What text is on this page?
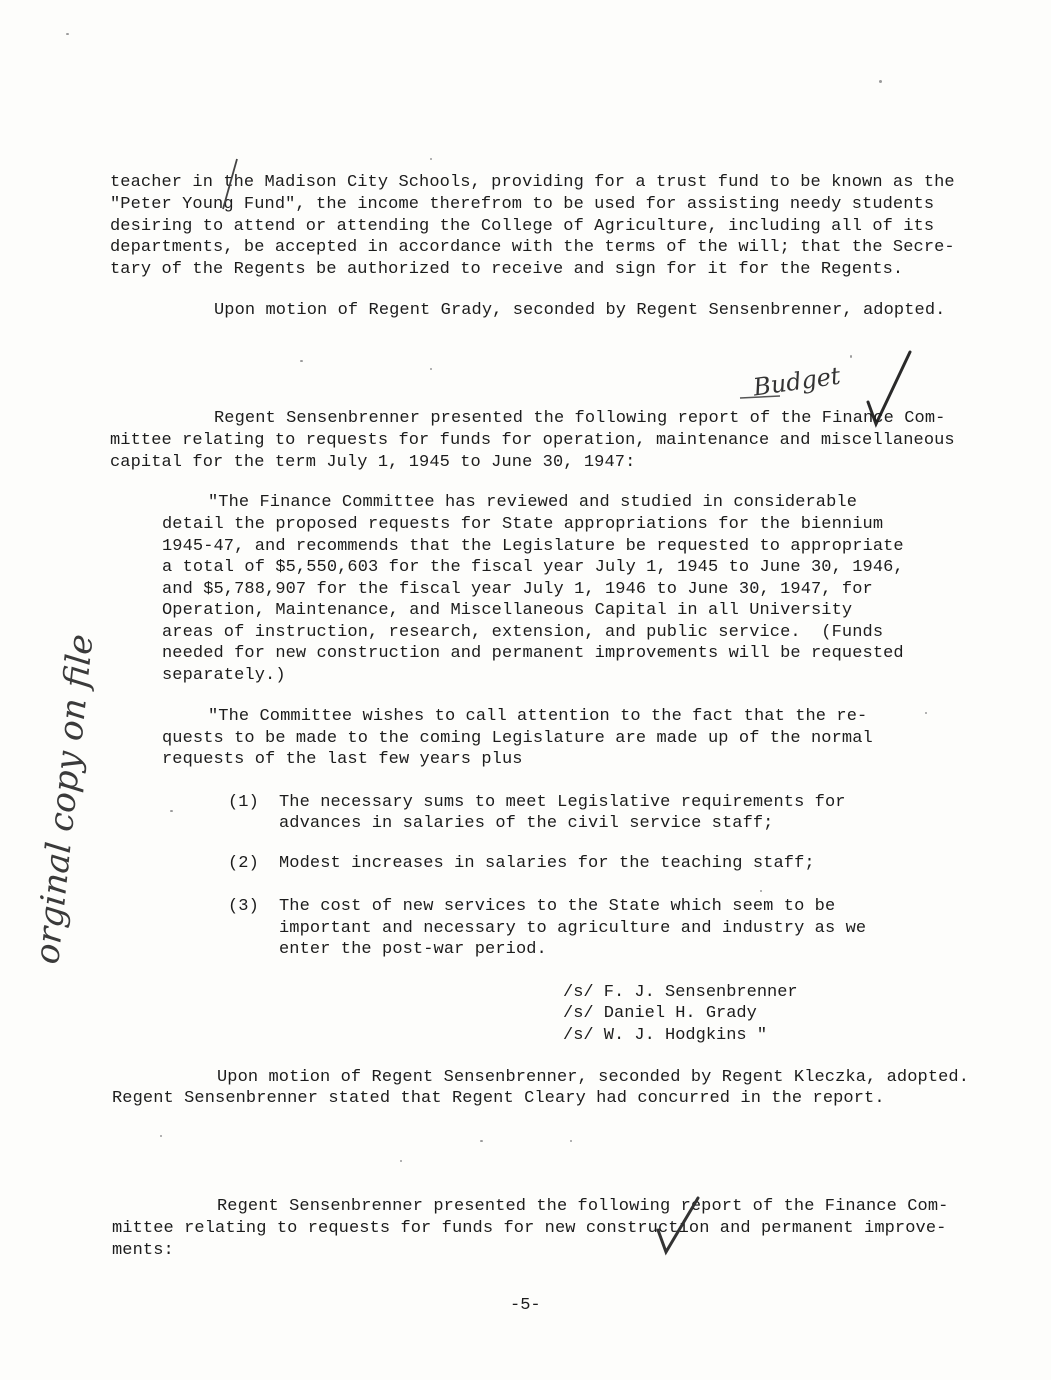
teacher in the Madison City Schools, providing for a trust fund to be known as the
"Peter Young Fund", the income therefrom to be used for assisting needy students
desiring to attend or attending the College of Agriculture, including all of its
departments, be accepted in accordance with the terms of the will; that the Secre-
tary of the Regents be authorized to receive and sign for it for the Regents.
Upon motion of Regent Grady, seconded by Regent Sensenbrenner, adopted.
Budget
Regent Sensenbrenner presented the following report of the Finance Com-
mittee relating to requests for funds for operation, maintenance and miscellaneous
capital for the term July 1, 1945 to June 30, 1947:
"The Finance Committee has reviewed and studied in considerable
detail the proposed requests for State appropriations for the biennium
1945-47, and recommends that the Legislature be requested to appropriate
a total of $5,550,603 for the fiscal year July 1, 1945 to June 30, 1946,
and $5,788,907 for the fiscal year July 1, 1946 to June 30, 1947, for
Operation, Maintenance, and Miscellaneous Capital in all University
areas of instruction, research, extension, and public service.  (Funds
needed for new construction and permanent improvements will be requested
separately.)
"The Committee wishes to call attention to the fact that the re-
quests to be made to the coming Legislature are made up of the normal
requests of the last few years plus
(1) The necessary sums to meet Legislative requirements for
advances in salaries of the civil service staff;
(2) Modest increases in salaries for the teaching staff;
(3) The cost of new services to the State which seem to be
important and necessary to agriculture and industry as we
enter the post-war period.
/s/ F. J. Sensenbrenner
/s/ Daniel H. Grady
/s/ W. J. Hodgkins "
Upon motion of Regent Sensenbrenner, seconded by Regent Kleczka, adopted.
Regent Sensenbrenner stated that Regent Cleary had concurred in the report.
Regent Sensenbrenner presented the following report of the Finance Com-
mittee relating to requests for funds for new construction and permanent improve-
ments:
orginal copy on file
-5-
